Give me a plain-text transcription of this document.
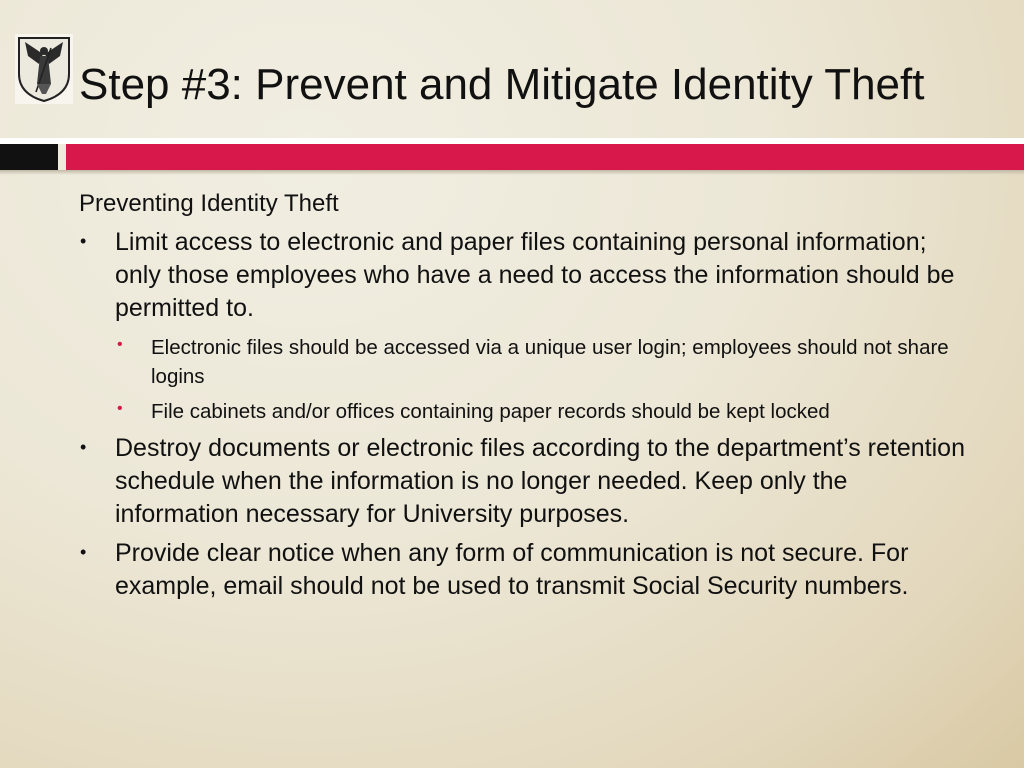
Step #3: Prevent and Mitigate Identity Theft

Preventing Identity Theft

• Limit access to electronic and paper files containing personal information; only those employees who have a need to access the information should be permitted to.
• Electronic files should be accessed via a unique user login; employees should not share logins
• File cabinets and/or offices containing paper records should be kept locked
• Destroy documents or electronic files according to the department’s retention schedule when the information is no longer needed. Keep only the information necessary for University purposes.
• Provide clear notice when any form of communication is not secure. For example, email should not be used to transmit Social Security numbers.
